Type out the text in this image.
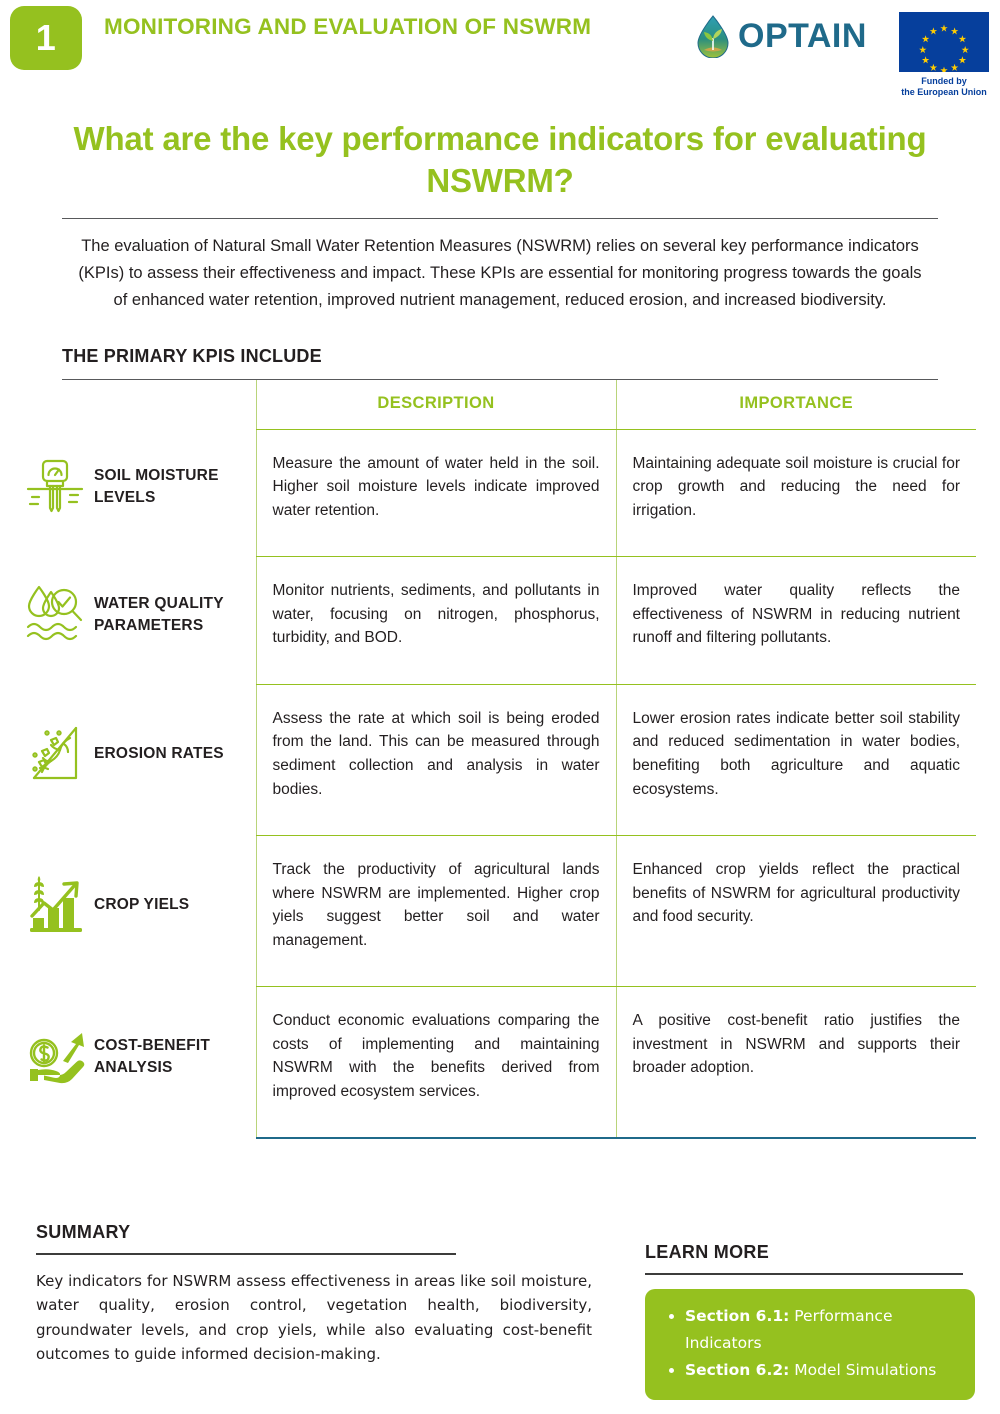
1	MONITORING AND EVALUATION OF NSWRM	OPTAIN
Funded by
the European Union
What are the key performance indicators for evaluating NSWRM?

The evaluation of Natural Small Water Retention Measures (NSWRM) relies on several key performance indicators (KPIs) to assess their effectiveness and impact. These KPIs are essential for monitoring progress towards the goals of enhanced water retention, improved nutrient management, reduced erosion, and increased biodiversity.

THE PRIMARY KPIS INCLUDE
		DESCRIPTION	IMPORTANCE

	SOIL MOISTURE LEVELS	Measure the amount of water held in the soil. Higher soil moisture levels indicate improved water retention.	Maintaining adequate soil moisture is crucial for crop growth and reducing the need for irrigation.

	WATER QUALITY PARAMETERS	Monitor nutrients, sediments, and pollutants in water, focusing on nitrogen, phosphorus, turbidity, and BOD.	Improved water quality reflects the effectiveness of NSWRM in reducing nutrient runoff and filtering pollutants.

	EROSION RATES	Assess the rate at which soil is being eroded from the land. This can be measured through sediment collection and analysis in water bodies.	Lower erosion rates indicate better soil stability and reduced sedimentation in water bodies, benefiting both agriculture and aquatic ecosystems.

	CROP YIELS	Track the productivity of agricultural lands where NSWRM are implemented. Higher crop yiels suggest better soil and water management.	Enhanced crop yields reflect the practical benefits of NSWRM for agricultural productivity and food security.

	COST-BENEFIT ANALYSIS	Conduct economic evaluations comparing the costs of implementing and maintaining NSWRM with the benefits derived from improved ecosystem services.	A positive cost-benefit ratio justifies the investment in NSWRM and supports their broader adoption.
SUMMARY
Key indicators for NSWRM assess effectiveness in areas like soil moisture, water quality, erosion control, vegetation health, biodiversity, groundwater levels, and crop yiels, while also evaluating cost-benefit outcomes to guide informed decision-making.
LEARN MORE
• Section 6.1: Performance Indicators
• Section 6.2: Model Simulations
